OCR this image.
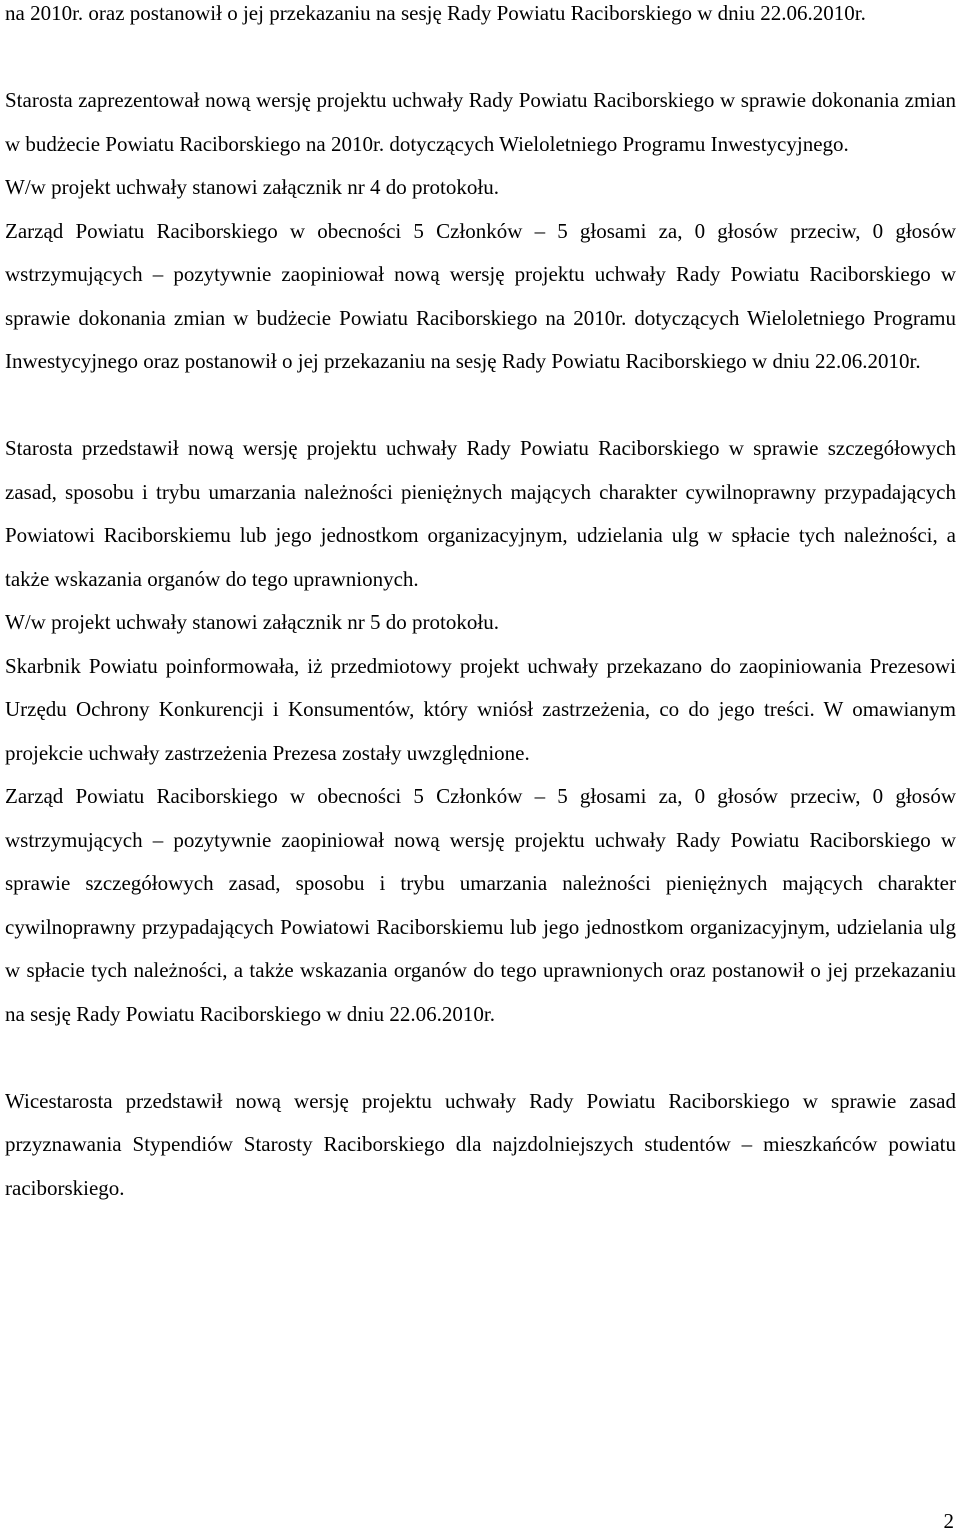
na 2010r. oraz postanowił o jej przekazaniu na sesję Rady Powiatu Raciborskiego w dniu 22.06.2010r.

Starosta zaprezentował nową wersję projektu uchwały Rady Powiatu Raciborskiego w sprawie dokonania zmian w budżecie Powiatu Raciborskiego na 2010r. dotyczących Wieloletniego Programu Inwestycyjnego.

W/w projekt uchwały stanowi załącznik nr 4 do protokołu.

Zarząd Powiatu Raciborskiego w obecności 5 Członków – 5 głosami za, 0 głosów przeciw, 0 głosów wstrzymujących – pozytywnie zaopiniował nową wersję projektu uchwały Rady Powiatu Raciborskiego w sprawie dokonania zmian w budżecie Powiatu Raciborskiego na 2010r. dotyczących Wieloletniego Programu Inwestycyjnego oraz postanowił o jej przekazaniu na sesję Rady Powiatu Raciborskiego w dniu 22.06.2010r.

Starosta przedstawił nową wersję projektu uchwały Rady Powiatu Raciborskiego w sprawie szczegółowych zasad, sposobu i trybu umarzania należności pieniężnych mających charakter cywilnoprawny przypadających Powiatowi Raciborskiemu lub jego jednostkom organizacyjnym, udzielania ulg w spłacie tych należności, a także wskazania organów do tego uprawnionych.

W/w projekt uchwały stanowi załącznik nr 5 do protokołu.

Skarbnik Powiatu poinformowała, iż przedmiotowy projekt uchwały przekazano do zaopiniowania Prezesowi Urzędu Ochrony Konkurencji i Konsumentów, który wniósł zastrzeżenia, co do jego treści. W omawianym projekcie uchwały zastrzeżenia Prezesa zostały uwzględnione.

Zarząd Powiatu Raciborskiego w obecności 5 Członków – 5 głosami za, 0 głosów przeciw, 0 głosów wstrzymujących – pozytywnie zaopiniował nową wersję projektu uchwały Rady Powiatu Raciborskiego w sprawie szczegółowych zasad, sposobu i trybu umarzania należności pieniężnych mających charakter cywilnoprawny przypadających Powiatowi Raciborskiemu lub jego jednostkom organizacyjnym, udzielania ulg w spłacie tych należności, a także wskazania organów do tego uprawnionych oraz postanowił o jej przekazaniu na sesję Rady Powiatu Raciborskiego w dniu 22.06.2010r.

Wicestarosta przedstawił nową wersję projektu uchwały Rady Powiatu Raciborskiego w sprawie zasad przyznawania Stypendiów Starosty Raciborskiego dla najzdolniejszych studentów – mieszkańców powiatu raciborskiego.

2
